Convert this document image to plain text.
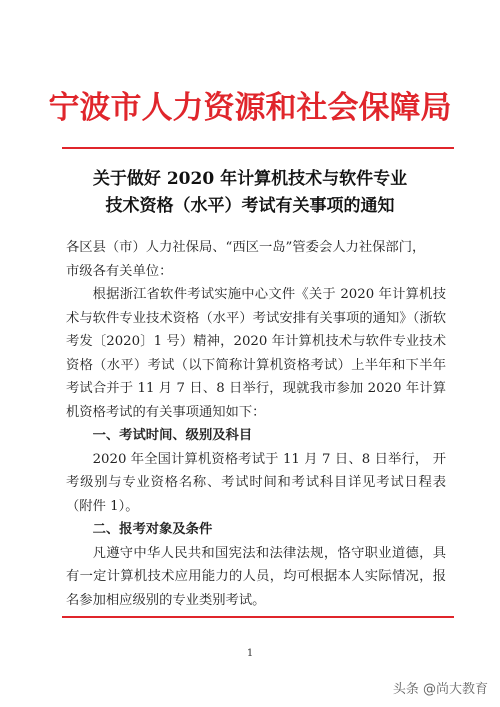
宁波市人力资源和社会保障局
关于做好 2020 年计算机技术与软件专业
技术资格（水平）考试有关事项的通知

各区县（市）人力社保局、“西区一岛”管委会人力社保部门，

市级各有关单位：

根据浙江省软件考试实施中心文件《关于 2020 年计算机技术与软件专业技术资格（水平）考试安排有关事项的通知》（浙软考发〔2020〕1 号）精神，2020 年计算机技术与软件专业技术资格（水平）考试（以下简称计算机资格考试）上半年和下半年考试合并于 11 月 7 日、8 日举行，现就我市参加 2020 年计算机资格考试的有关事项通知如下：

一、考试时间、级别及科目

2020 年全国计算机资格考试于 11 月 7 日、8 日举行， 开考级别与专业资格名称、考试时间和考试科目详见考试日程表（附件 1）。

二、报考对象及条件

凡遵守中华人民共和国宪法和法律法规，恪守职业道德，具有一定计算机技术应用能力的人员，均可根据本人实际情况，报名参加相应级别的专业类别考试。

1
头条 @尚大教育
